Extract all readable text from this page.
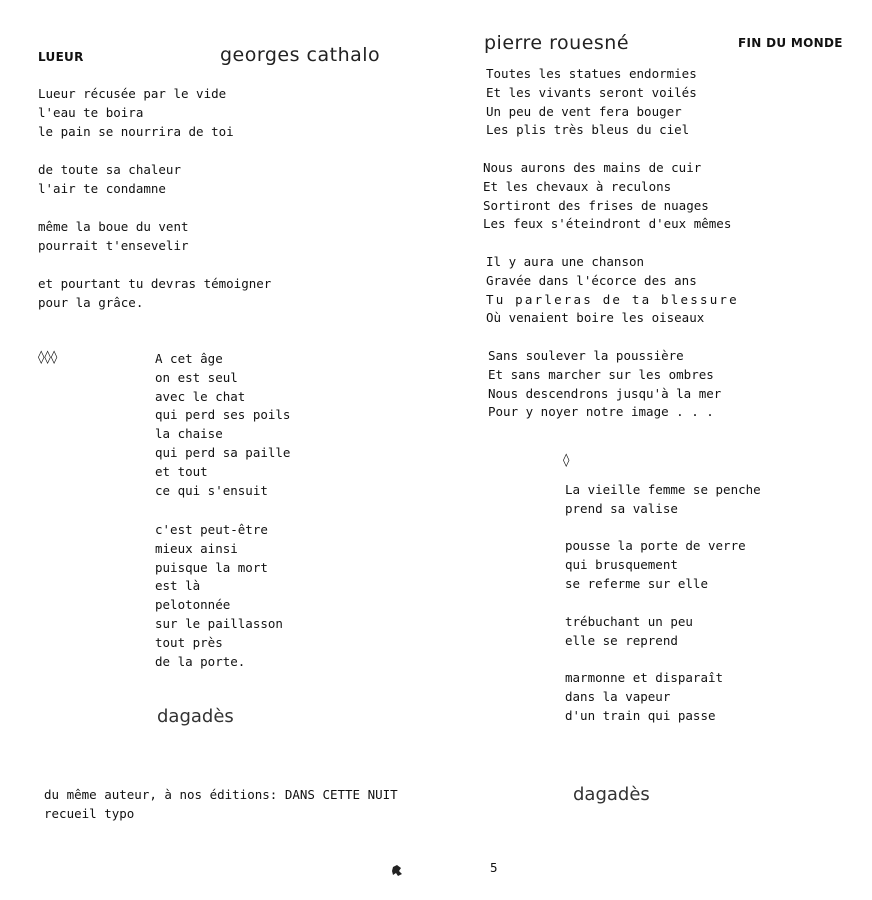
LUEUR	georges cathalo
Lueur récusée par le vide
l'eau te boira
le pain se nourrira de toi
de toute sa chaleur
l'air te condamne
même la boue du vent
pourrait t'ensevelir
et pourtant tu devras témoigner
pour la grâce.
◊◊◊	A cet âge
on est seul
avec le chat
qui perd ses poils
la chaise
qui perd sa paille
et tout
ce qui s'ensuit
c'est peut-être
mieux ainsi
puisque la mort
est là
pelotonnée
sur le paillasson
tout près
de la porte.
dagadès
du même auteur, à nos éditions: DANS CETTE NUIT
recueil typo
pierre rouesné	FIN DU MONDE
Toutes les statues endormies
Et les vivants seront voilés
Un peu de vent fera bouger
Les plis très bleus du ciel
Nous aurons des mains de cuir
Et les chevaux à reculons
Sortiront des frises de nuages
Les feux s'éteindront d'eux mêmes
Il y aura une chanson
Gravée dans l'écorce des ans
Tu parleras de ta blessure
Où venaient boire les oiseaux
Sans soulever la poussière
Et sans marcher sur les ombres
Nous descendrons jusqu'à la mer
Pour y noyer notre image . . .
◊
La vieille femme se penche
prend sa valise
pousse la porte de verre
qui brusquement
se referme sur elle
trébuchant un peu
elle se reprend
marmonne et disparaît
dans la vapeur
d'un train qui passe
dagadès
5
